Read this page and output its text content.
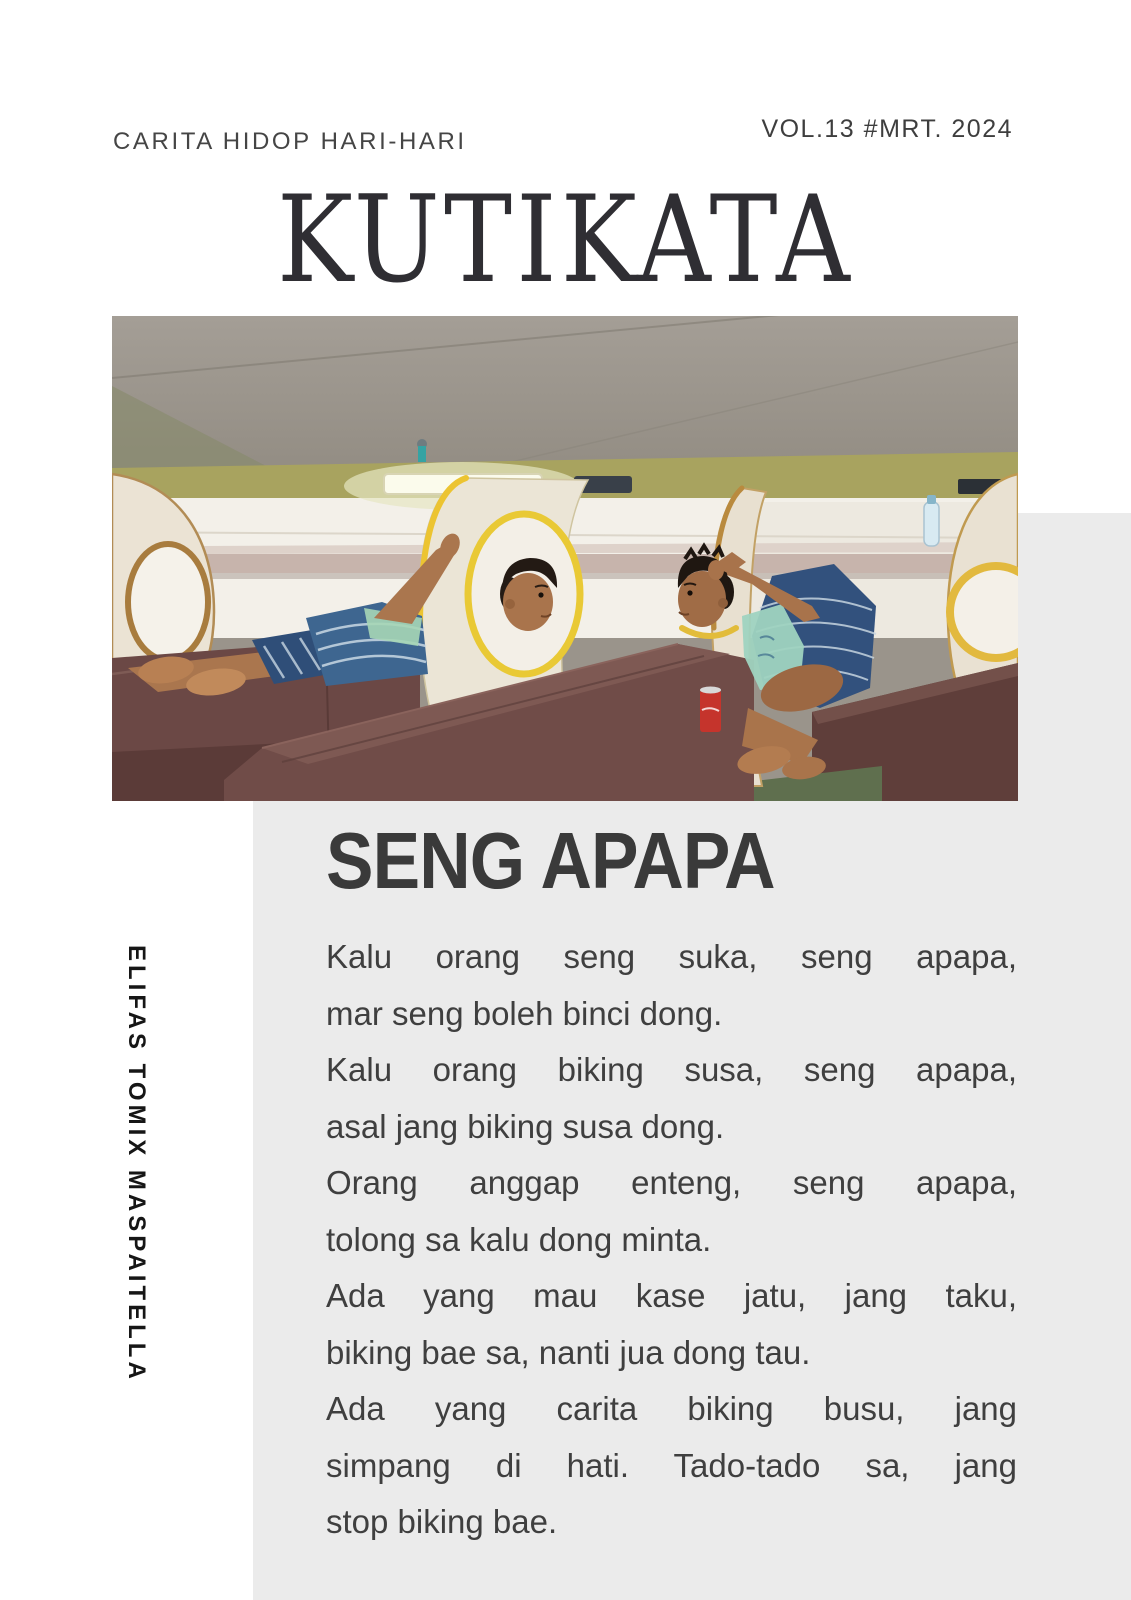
CARITA HIDOP HARI-HARI	VOL.13 #MRT. 2024
KUTIKATA
SENG APAPA
ELIFAS TOMIX MASPAITELLA	Kalu orang seng suka, seng apapa,
mar seng boleh binci dong.

Kalu orang biking susa, seng apapa,
asal jang biking susa dong.

Orang anggap enteng, seng apapa,
tolong sa kalu dong minta.

Ada yang mau kase jatu, jang taku,
biking bae sa, nanti jua dong tau.

Ada yang carita biking busu, jang
simpang di hati. Tado-tado sa, jang
stop biking bae.
